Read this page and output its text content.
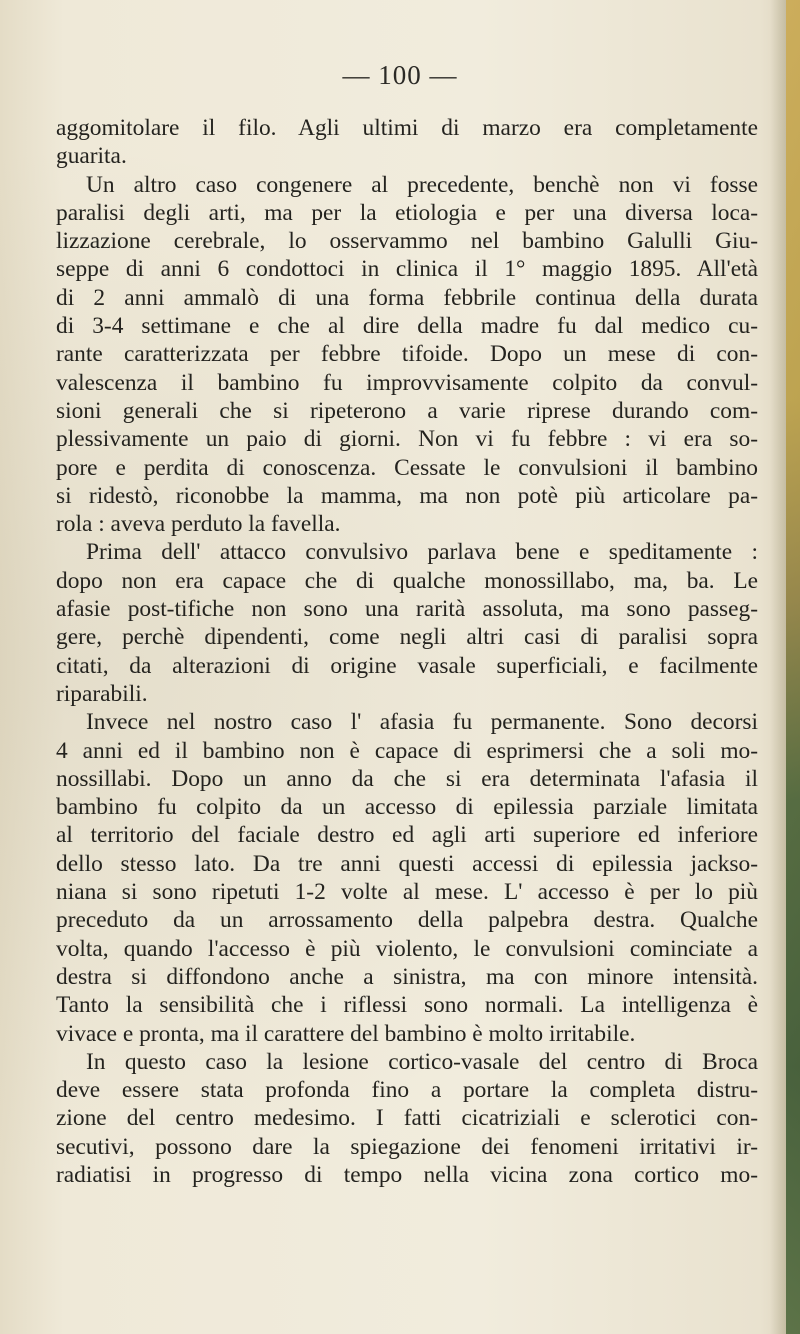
— 100 —
aggomitolare il filo. Agli ultimi di marzo era completamente
guarita.
Un altro caso congenere al precedente, benchè non vi fosse
paralisi degli arti, ma per la etiologia e per una diversa loca-
lizzazione cerebrale, lo osservammo nel bambino Galulli Giu-
seppe di anni 6 condottoci in clinica il 1° maggio 1895. All'età
di 2 anni ammalò di una forma febbrile continua della durata
di 3-4 settimane e che al dire della madre fu dal medico cu-
rante caratterizzata per febbre tifoide. Dopo un mese di con-
valescenza il bambino fu improvvisamente colpito da convul-
sioni generali che si ripeterono a varie riprese durando com-
plessivamente un paio di giorni. Non vi fu febbre : vi era so-
pore e perdita di conoscenza. Cessate le convulsioni il bambino
si ridestò, riconobbe la mamma, ma non potè più articolare pa-
rola : aveva perduto la favella.
Prima dell' attacco convulsivo parlava bene e speditamente :
dopo non era capace che di qualche monossillabo, ma, ba. Le
afasie post-tifiche non sono una rarità assoluta, ma sono passeg-
gere, perchè dipendenti, come negli altri casi di paralisi sopra
citati, da alterazioni di origine vasale superficiali, e facilmente
riparabili.
Invece nel nostro caso l' afasia fu permanente. Sono decorsi
4 anni ed il bambino non è capace di esprimersi che a soli mo-
nossillabi. Dopo un anno da che si era determinata l'afasia il
bambino fu colpito da un accesso di epilessia parziale limitata
al territorio del faciale destro ed agli arti superiore ed inferiore
dello stesso lato. Da tre anni questi accessi di epilessia jackso-
niana si sono ripetuti 1-2 volte al mese. L' accesso è per lo più
preceduto da un arrossamento della palpebra destra. Qualche
volta, quando l'accesso è più violento, le convulsioni cominciate a
destra si diffondono anche a sinistra, ma con minore intensità.
Tanto la sensibilità che i riflessi sono normali. La intelligenza è
vivace e pronta, ma il carattere del bambino è molto irritabile.
In questo caso la lesione cortico-vasale del centro di Broca
deve essere stata profonda fino a portare la completa distru-
zione del centro medesimo. I fatti cicatriziali e sclerotici con-
secutivi, possono dare la spiegazione dei fenomeni irritativi ir-
radiatisi in progresso di tempo nella vicina zona cortico mo-
